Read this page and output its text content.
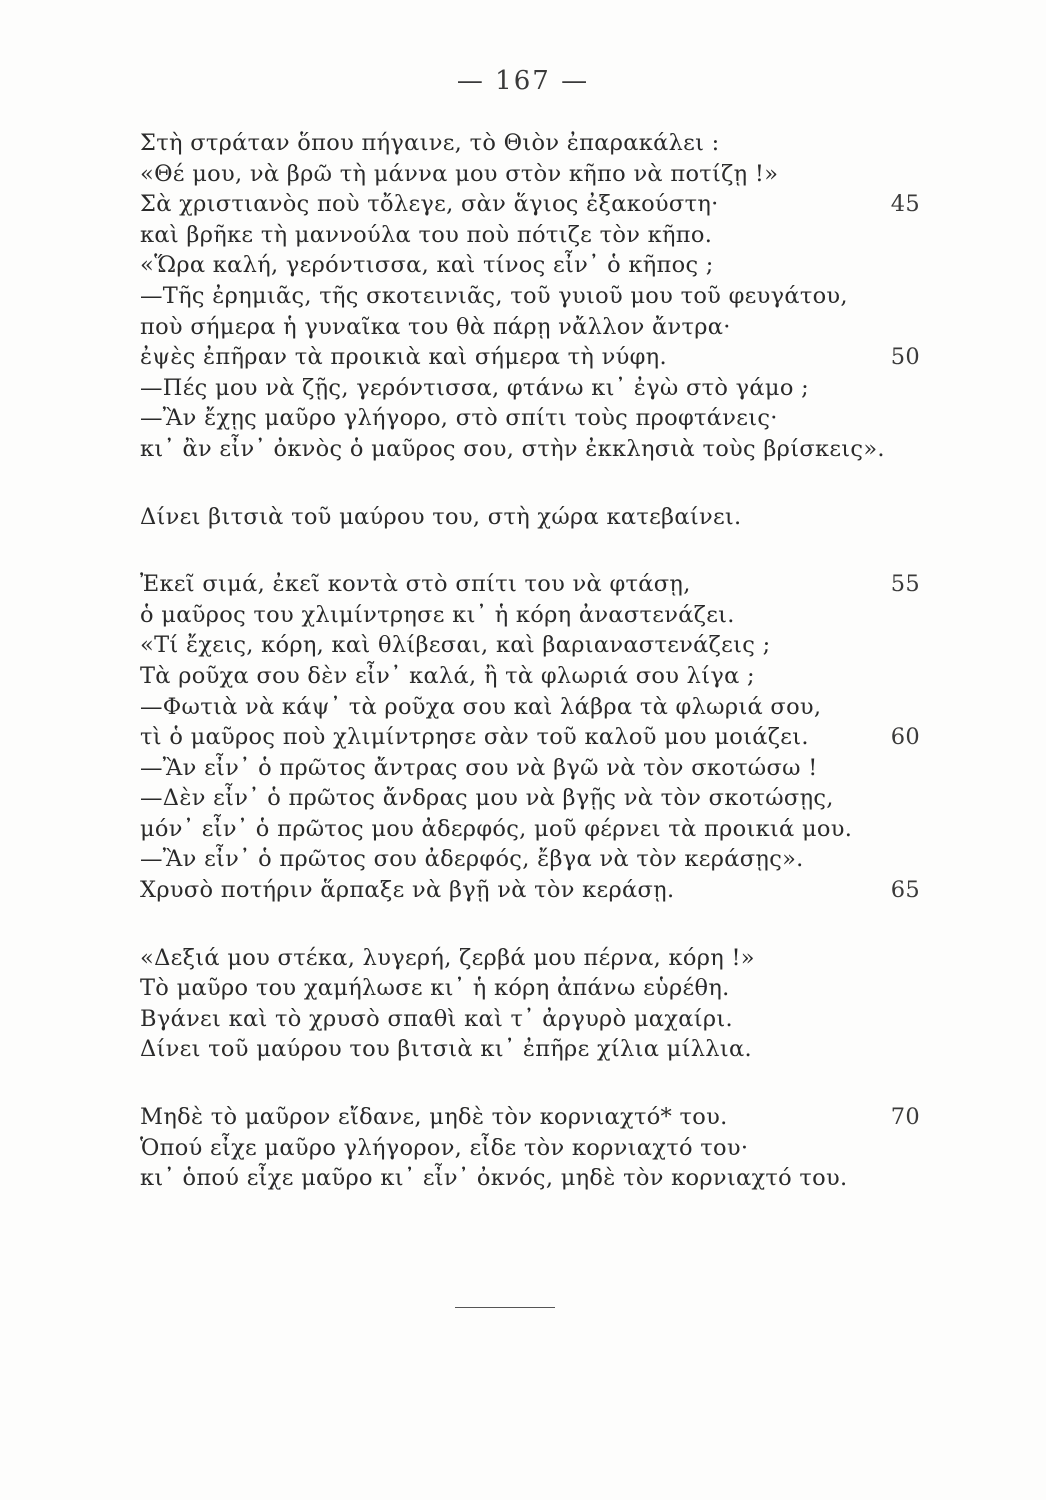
— 167 —
Στὴ στράταν ὅπου πήγαινε, τὸ Θιὸν ἐπαρακάλει :
«Θέ μου, νὰ βρῶ τὴ μάννα μου στὸν κῆπο νὰ ποτίζῃ !»
Σὰ χριστιανὸς ποὺ τὄλεγε, σὰν ἅγιος ἐξακούστη·	45
καὶ βρῆκε τὴ μαννούλα του ποὺ πότιζε τὸν κῆπο.
«Ὥρα καλή, γερόντισσα, καὶ τίνος εἶν᾿ ὁ κῆπος ;
—Τῆς ἐρημιᾶς, τῆς σκοτεινιᾶς, τοῦ γυιοῦ μου τοῦ φευγάτου,
ποὺ σήμερα ἡ γυναῖκα του θὰ πάρῃ νἄλλον ἄντρα·
ἐψὲς ἐπῆραν τὰ προικιὰ καὶ σήμερα τὴ νύφη.	50
—Πές μου νὰ ζῇς, γερόντισσα, φτάνω κι᾿ ἐγὼ στὸ γάμο ;
—Ἂν ἔχῃς μαῦρο γλήγορο, στὸ σπίτι τοὺς προφτάνεις·
κι᾿ ἂν εἶν᾿ ὀκνὸς ὁ μαῦρος σου, στὴν ἐκκλησιὰ τοὺς βρίσκεις».
Δίνει βιτσιὰ τοῦ μαύρου του, στὴ χώρα κατεβαίνει.
Ἐκεῖ σιμά, ἐκεῖ κοντὰ στὸ σπίτι του νὰ φτάσῃ,	55
ὁ μαῦρος του χλιμίντρησε κι᾿ ἡ κόρη ἀναστενάζει.
«Τί ἔχεις, κόρη, καὶ θλίβεσαι, καὶ βαριαναστενάζεις ;
Τὰ ροῦχα σου δὲν εἶν᾿ καλά, ἢ τὰ φλωριά σου λίγα ;
—Φωτιὰ νὰ κάψ᾿ τὰ ροῦχα σου καὶ λάβρα τὰ φλωριά σου,
τὶ ὁ μαῦρος ποὺ χλιμίντρησε σὰν τοῦ καλοῦ μου μοιάζει.	60
—Ἂν εἶν᾿ ὁ πρῶτος ἄντρας σου νὰ βγῶ νὰ τὸν σκοτώσω !
—Δὲν εἶν᾿ ὁ πρῶτος ἄνδρας μου νὰ βγῇς νὰ τὸν σκοτώσῃς,
μόν᾿ εἶν᾿ ὁ πρῶτος μου ἀδερφός, μοῦ φέρνει τὰ προικιά μου.
—Ἂν εἶν᾿ ὁ πρῶτος σου ἀδερφός, ἔβγα νὰ τὸν κεράσῃς».
Χρυσὸ ποτήριν ἅρπαξε νὰ βγῇ νὰ τὸν κεράσῃ.	65
«Δεξιά μου στέκα, λυγερή, ζερβά μου πέρνα, κόρη !»
Τὸ μαῦρο του χαμήλωσε κι᾿ ἡ κόρη ἀπάνω εὑρέθη.
Βγάνει καὶ τὸ χρυσὸ σπαθὶ καὶ τ᾿ ἀργυρὸ μαχαίρι.
Δίνει τοῦ μαύρου του βιτσιὰ κι᾿ ἐπῆρε χίλια μίλλια.
Μηδὲ τὸ μαῦρον εἴδανε, μηδὲ τὸν κορνιαχτό* του.	70
Ὁπού εἶχε μαῦρο γλήγορον, εἶδε τὸν κορνιαχτό του·
κι᾿ ὁπού εἶχε μαῦρο κι᾿ εἶν᾿ ὀκνός, μηδὲ τὸν κορνιαχτό του.
